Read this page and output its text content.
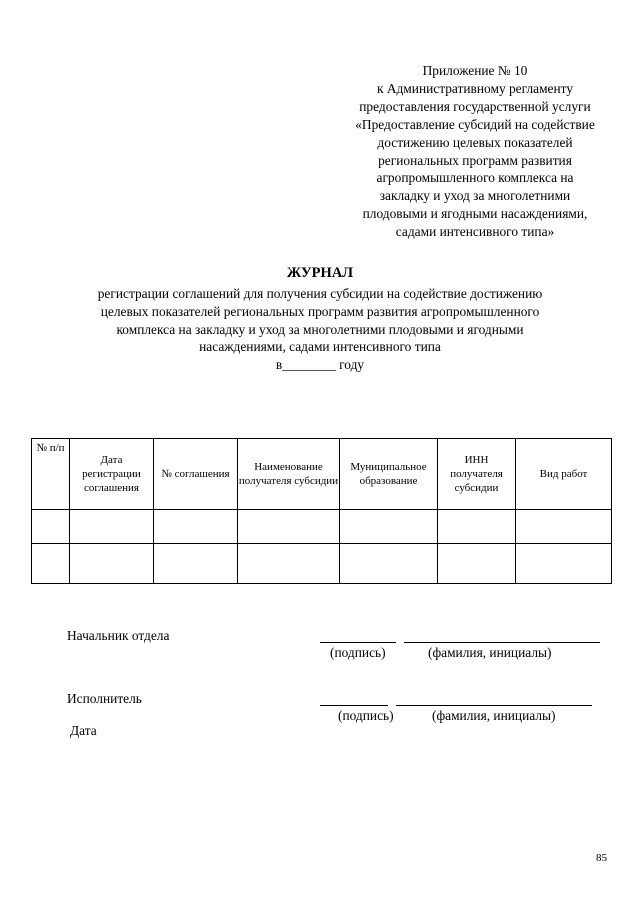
Приложение № 10
к Административному регламенту
предоставления государственной услуги
«Предоставление субсидий на содействие
достижению целевых показателей
региональных программ развития
агропромышленного комплекса на
закладку и уход за многолетними
плодовыми и ягодными насаждениями,
садами интенсивного типа»
ЖУРНАЛ
регистрации соглашений для получения субсидии на содействие достижению
целевых показателей региональных программ развития агропромышленного
комплекса на закладку и уход за многолетними плодовыми и ягодными
насаждениями, садами интенсивного типа
в________ году
№ п/п	Дата регистрации соглашения	№ соглашения	Наименование получателя субсидии	Муниципальное образование	ИНН получателя субсидии	Вид работ

Начальник отдела
(подпись)	(фамилия, инициалы)
Исполнитель
(подпись)	(фамилия, инициалы)
Дата
85
